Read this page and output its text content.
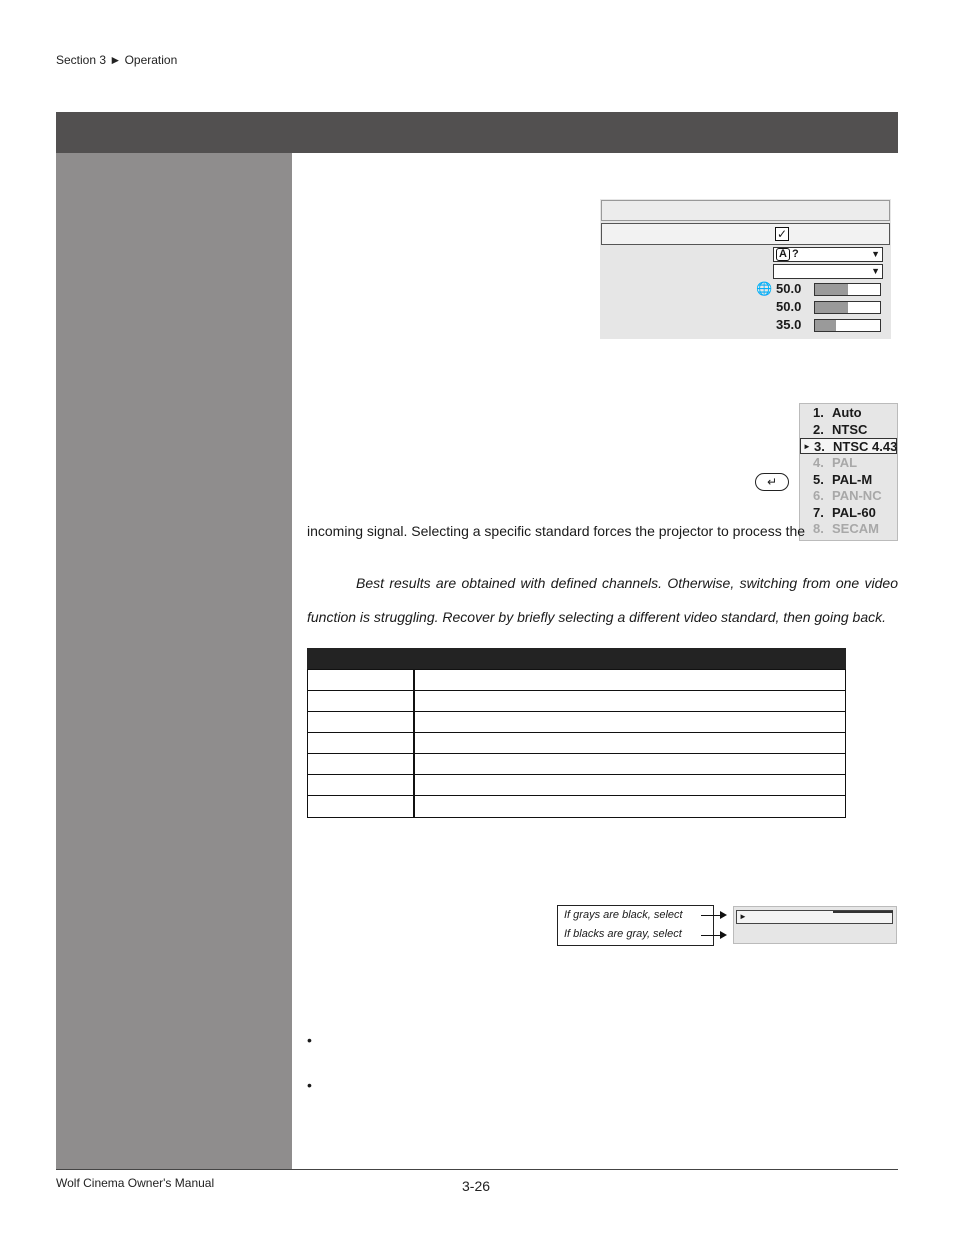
Section 3 ► Operation
✓
A ?	▼
▼
🌐 50.0
50.0
35.0
1. Auto
2. NTSC
► 3. NTSC 4.43
4. PAL
5. PAL-M
6. PAN-NC
7. PAL-60
8. SECAM
↵
incoming signal. Selecting a specific standard forces the projector to process the
Best results are obtained with defined channels. Otherwise, switching from one video
function is struggling. Recover by briefly selecting a different video standard, then going back.
If grays are black, select
If blacks are gray, select
►
•
•
Wolf Cinema Owner's Manual	3-26
